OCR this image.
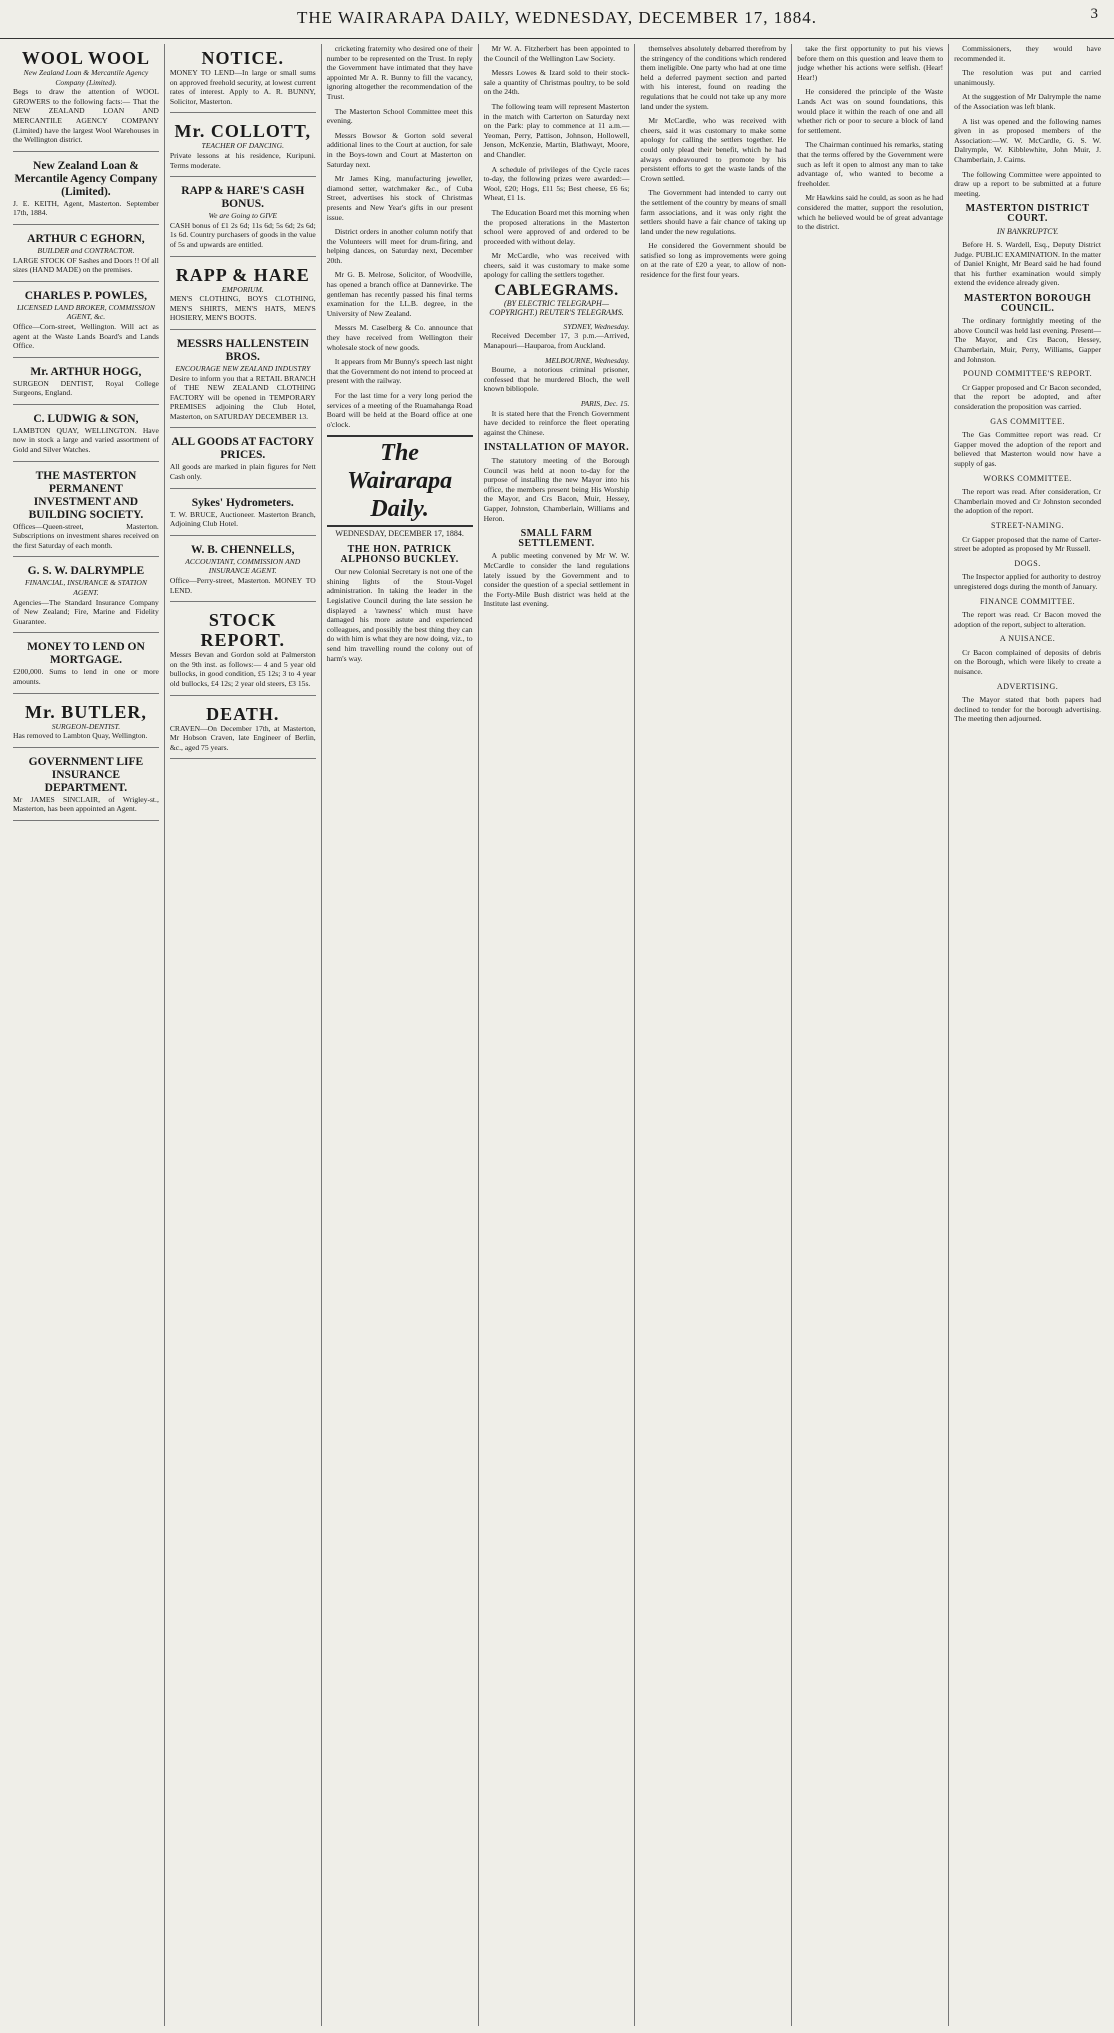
THE WAIRARAPA DAILY, WEDNESDAY, DECEMBER 17, 1884.	3
WOOL WOOL
New Zealand Loan & Mercantile Agency Company (Limited).
Begs to draw the attention of WOOL GROWERS to the following facts:— That the NEW ZEALAND LOAN AND MERCANTILE AGENCY COMPANY (Limited) have the largest Wool Warehouses in the Wellington district.
New Zealand Loan & Mercantile Agency Company (Limited).
J. E. KEITH, Agent, Masterton. September 17th, 1884.
ARTHUR C EGHORN,
BUILDER and CONTRACTOR.
LARGE STOCK OF Sashes and Doors !! Of all sizes (HAND MADE) on the premises.
CHARLES P. POWLES,
LICENSED LAND BROKER, COMMISSION AGENT, &c.
Office—Corn-street, Wellington. Will act as agent at the Waste Lands Board's and Lands Office.
Mr. ARTHUR HOGG,
SURGEON DENTIST, Royal College Surgeons, England.
C. LUDWIG & SON,
LAMBTON QUAY, WELLINGTON. Have now in stock a large and varied assortment of Gold and Silver Watches.
THE MASTERTON PERMANENT INVESTMENT AND BUILDING SOCIETY.
Offices—Queen-street, Masterton. Subscriptions on investment shares received on the first Saturday of each month.
G. S. W. DALRYMPLE
FINANCIAL, INSURANCE & STATION AGENT.
Agencies—The Standard Insurance Company of New Zealand; Fire, Marine and Fidelity Guarantee.
MONEY TO LEND ON MORTGAGE.
£200,000. Sums to lend in one or more amounts.
Mr. BUTLER,
SURGEON-DENTIST.
Has removed to Lambton Quay, Wellington.
GOVERNMENT LIFE INSURANCE DEPARTMENT.
Mr JAMES SINCLAIR, of Wrigley-st., Masterton, has been appointed an Agent.
NOTICE.
MONEY TO LEND—In large or small sums on approved freehold security, at lowest current rates of interest. Apply to A. R. BUNNY, Solicitor, Masterton.
Mr. COLLOTT,
TEACHER OF DANCING.
Private lessons at his residence, Kuripuni. Terms moderate.
RAPP & HARE'S CASH BONUS.
We are Going to GIVE
CASH bonus of £1 2s 6d; 11s 6d; 5s 6d; 2s 6d; 1s 6d. Country purchasers of goods in the value of 5s and upwards are entitled.
RAPP & HARE
EMPORIUM.
MEN'S CLOTHING, BOYS CLOTHING, MEN'S SHIRTS, MEN'S HATS, MEN'S HOSIERY, MEN'S BOOTS.
MESSRS HALLENSTEIN BROS.
ENCOURAGE NEW ZEALAND INDUSTRY
Desire to inform you that a RETAIL BRANCH of THE NEW ZEALAND CLOTHING FACTORY will be opened in TEMPORARY PREMISES adjoining the Club Hotel, Masterton, on SATURDAY DECEMBER 13.
ALL GOODS AT FACTORY PRICES.
All goods are marked in plain figures for Nett Cash only.
Sykes' Hydrometers.
T. W. BRUCE, Auctioneer. Masterton Branch, Adjoining Club Hotel.
W. B. CHENNELLS,
ACCOUNTANT, COMMISSION AND INSURANCE AGENT.
Office—Perry-street, Masterton. MONEY TO LEND.
STOCK REPORT.
Messrs Bevan and Gordon sold at Palmerston on the 9th inst. as follows:— 4 and 5 year old bullocks, in good condition, £5 12s; 3 to 4 year old bullocks, £4 12s; 2 year old steers, £3 15s.
DEATH.
CRAVEN—On December 17th, at Masterton, Mr Hobson Craven, late Engineer of Berlin, &c., aged 75 years.

cricketing fraternity who desired one of their number to be represented on the Trust. In reply the Government have intimated that they have appointed Mr A. R. Bunny to fill the vacancy, ignoring altogether the recommendation of the Trust.

The Masterton School Committee meet this evening.

Messrs Bowsor & Gorton sold several additional lines to the Court at auction, for sale in the Boys-town and Court at Masterton on Saturday next.

Mr James King, manufacturing jeweller, diamond setter, watchmaker &c., of Cuba Street, advertises his stock of Christmas presents and New Year's gifts in our present issue.

District orders in another column notify that the Volunteers will meet for drum-firing, and helping dances, on Saturday next, December 20th.

Mr G. B. Melrose, Solicitor, of Woodville, has opened a branch office at Dannevirke. The gentleman has recently passed his final terms examination for the LL.B. degree, in the University of New Zealand.

Messrs M. Caselberg & Co. announce that they have received from Wellington their wholesale stock of new goods.

It appears from Mr Bunny's speech last night that the Government do not intend to proceed at present with the railway.

For the last time for a very long period the services of a meeting of the Ruamahanga Road Board will be held at the Board office at one o'clock.

The Wairarapa Daily.
WEDNESDAY, DECEMBER 17, 1884.
THE HON. PATRICK ALPHONSO BUCKLEY.

Our new Colonial Secretary is not one of the shining lights of the Stout-Vogel administration. In taking the leader in the Legislative Council during the late session he displayed a 'rawness' which must have damaged his more astute and experienced colleagues, and possibly the best thing they can do with him is what they are now doing, viz., to send him travelling round the colony out of harm's way.

Mr W. A. Fitzherbert has been appointed to the Council of the Wellington Law Society.

Messrs Lowes & Izard sold to their stock-sale a quantity of Christmas poultry, to be sold on the 24th.

The following team will represent Masterton in the match with Carterton on Saturday next on the Park: play to commence at 11 a.m.—Yeoman, Perry, Pattison, Johnson, Hollowell, Jenson, McKenzie, Martin, Blathwayt, Moore, and Chandler.

A schedule of privileges of the Cycle races to-day, the following prizes were awarded:—Wool, £20; Hogs, £11 5s; Best cheese, £6 6s; Wheat, £1 1s.

The Education Board met this morning when the proposed alterations in the Masterton school were approved of and ordered to be proceeded with without delay.

Mr McCardle, who was received with cheers, said it was customary to make some apology for calling the settlers together.

CABLEGRAMS.
(BY ELECTRIC TELEGRAPH—COPYRIGHT.) REUTER'S TELEGRAMS.
SYDNEY, Wednesday.

Received December 17, 3 p.m.—Arrived, Manapouri—Hauparoa, from Auckland.

MELBOURNE, Wednesday.

Bourne, a notorious criminal prisoner, confessed that he murdered Bloch, the well known bibliopole.

PARIS, Dec. 15.

It is stated here that the French Government have decided to reinforce the fleet operating against the Chinese.

INSTALLATION OF MAYOR.

The statutory meeting of the Borough Council was held at noon to-day for the purpose of installing the new Mayor into his office, the members present being His Worship the Mayor, and Crs Bacon, Muir, Hessey, Gapper, Johnston, Chamberlain, Williams and Heron.

SMALL FARM SETTLEMENT.

A public meeting convened by Mr W. W. McCardle to consider the land regulations lately issued by the Government and to consider the question of a special settlement in the Forty-Mile Bush district was held at the Institute last evening.

themselves absolutely debarred therefrom by the stringency of the conditions which rendered them ineligible. One party who had at one time held a deferred payment section and parted with his interest, found on reading the regulations that he could not take up any more land under the system.

Mr McCardle, who was received with cheers, said it was customary to make some apology for calling the settlers together. He could only plead their benefit, which he had always endeavoured to promote by his persistent efforts to get the waste lands of the Crown settled.

The Government had intended to carry out the settlement of the country by means of small farm associations, and it was only right the settlers should have a fair chance of taking up land under the new regulations.

He considered the Government should be satisfied so long as improvements were going on at the rate of £20 a year, to allow of non-residence for the first four years.

take the first opportunity to put his views before them on this question and leave them to judge whether his actions were selfish. (Hear! Hear!)

He considered the principle of the Waste Lands Act was on sound foundations, this would place it within the reach of one and all whether rich or poor to secure a block of land for settlement.

The Chairman continued his remarks, stating that the terms offered by the Government were such as left it open to almost any man to take advantage of, who wanted to become a freeholder.

Mr Hawkins said he could, as soon as he had considered the matter, support the resolution, which he believed would be of great advantage to the district.

Commissioners, they would have recommended it.

The resolution was put and carried unanimously.

At the suggestion of Mr Dalrymple the name of the Association was left blank.

A list was opened and the following names given in as proposed members of the Association:—W. W. McCardle, G. S. W. Dalrymple, W. Kibblewhite, John Muir, J. Chamberlain, J. Cairns.

The following Committee were appointed to draw up a report to be submitted at a future meeting.

MASTERTON DISTRICT COURT.
IN BANKRUPTCY.

Before H. S. Wardell, Esq., Deputy District Judge. PUBLIC EXAMINATION. In the matter of Daniel Knight, Mr Beard said he had found that his further examination would simply extend the evidence already given.

MASTERTON BOROUGH COUNCIL.

The ordinary fortnightly meeting of the above Council was held last evening. Present—The Mayor, and Crs Bacon, Hessey, Chamberlain, Muir, Perry, Williams, Gapper and Johnston.

POUND COMMITTEE'S REPORT.

Cr Gapper proposed and Cr Bacon seconded, that the report be adopted, and after consideration the proposition was carried.

GAS COMMITTEE.

The Gas Committee report was read. Cr Gapper moved the adoption of the report and believed that Masterton would now have a supply of gas.

WORKS COMMITTEE.

The report was read. After consideration, Cr Chamberlain moved and Cr Johnston seconded the adoption of the report.

STREET-NAMING.

Cr Gapper proposed that the name of Carter-street be adopted as proposed by Mr Russell.

DOGS.

The Inspector applied for authority to destroy unregistered dogs during the month of January.

FINANCE COMMITTEE.

The report was read. Cr Bacon moved the adoption of the report, subject to alteration.

A NUISANCE.

Cr Bacon complained of deposits of debris on the Borough, which were likely to create a nuisance.

ADVERTISING.

The Mayor stated that both papers had declined to tender for the borough advertising. The meeting then adjourned.
